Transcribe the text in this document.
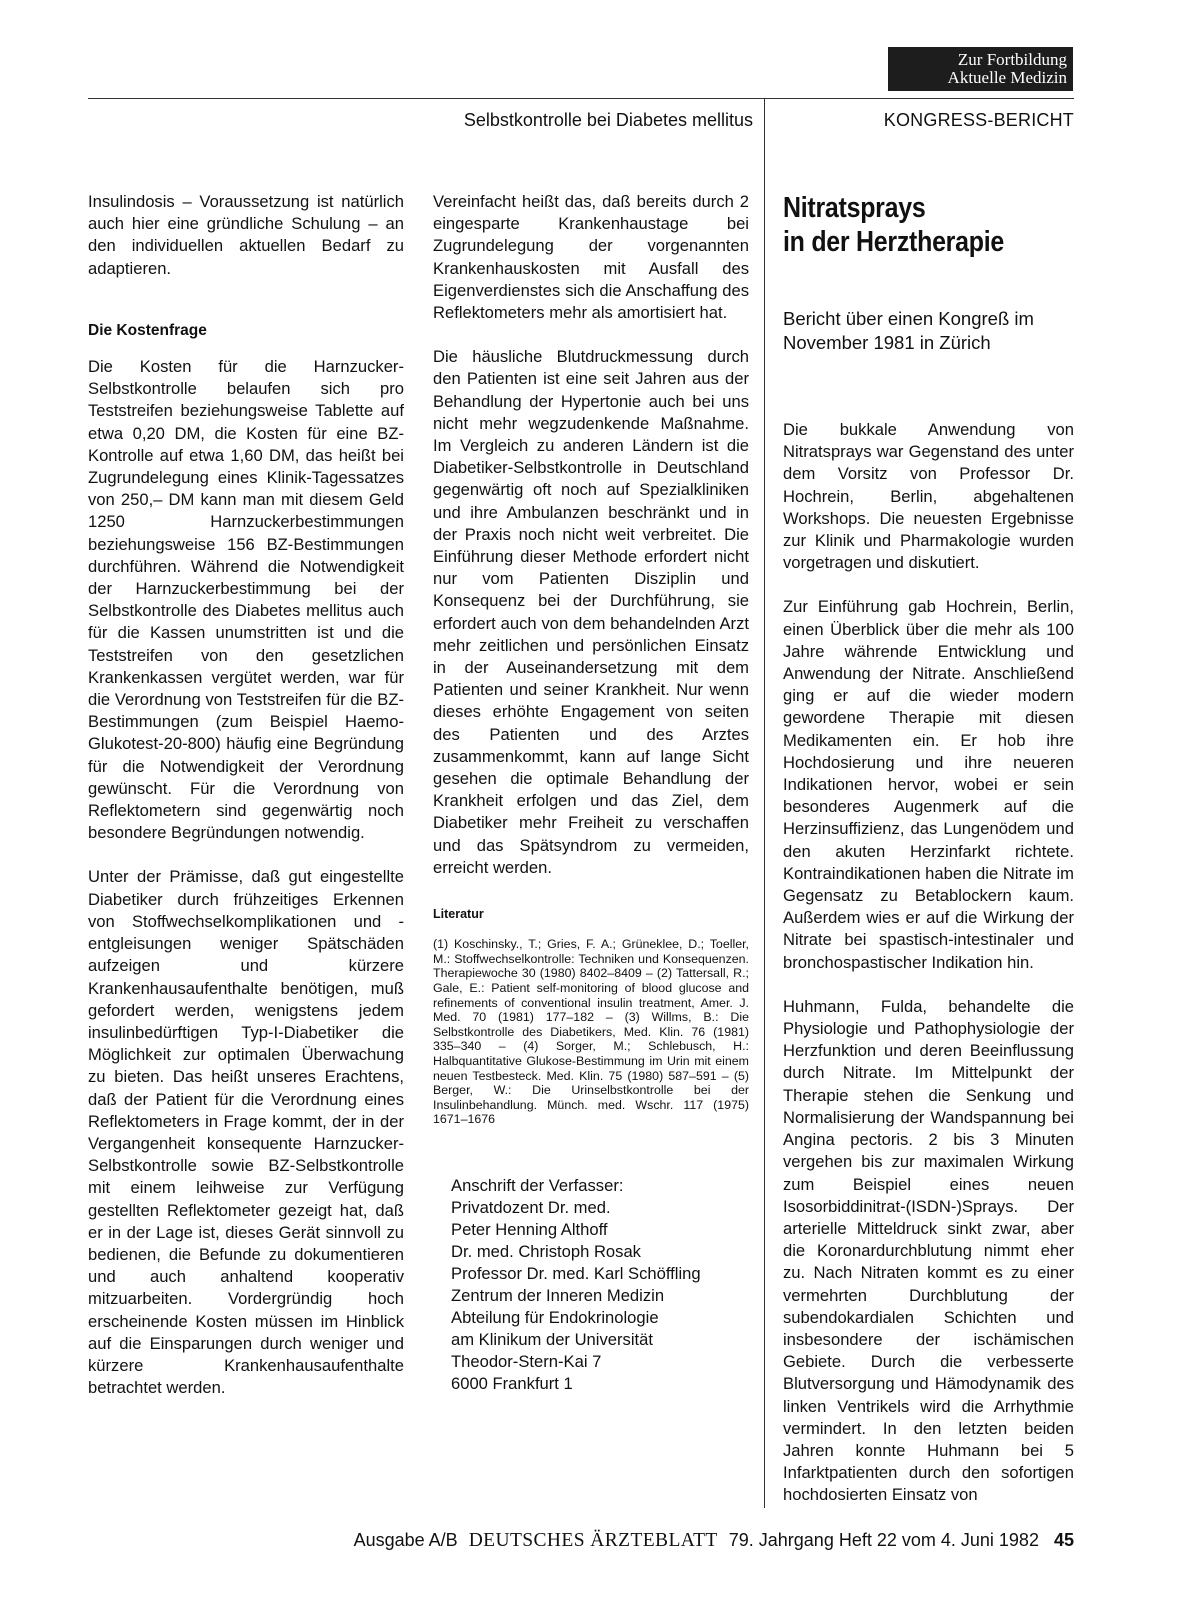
Zur Fortbildung
Aktuelle Medizin
Selbstkontrolle bei Diabetes mellitus	KONGRESS-BERICHT

Insulindosis – Voraussetzung ist natürlich auch hier eine gründliche Schulung – an den individuellen aktuellen Bedarf zu adaptieren.

Die Kostenfrage

Die Kosten für die Harnzucker-Selbstkontrolle belaufen sich pro Teststreifen beziehungsweise Tablette auf etwa 0,20 DM, die Kosten für eine BZ-Kontrolle auf etwa 1,60 DM, das heißt bei Zugrundelegung eines Klinik-Tagessatzes von 250,– DM kann man mit diesem Geld 1250 Harnzuckerbestimmungen beziehungsweise 156 BZ-Bestimmungen durchführen. Während die Notwendigkeit der Harnzuckerbestimmung bei der Selbstkontrolle des Diabetes mellitus auch für die Kassen unumstritten ist und die Teststreifen von den gesetzlichen Krankenkassen vergütet werden, war für die Verordnung von Teststreifen für die BZ-Bestimmungen (zum Beispiel Haemo-Glukotest-20-800) häufig eine Begründung für die Notwendigkeit der Verordnung gewünscht. Für die Verordnung von Reflektometern sind gegenwärtig noch besondere Begründungen notwendig.

Unter der Prämisse, daß gut eingestellte Diabetiker durch frühzeitiges Erkennen von Stoffwechselkomplikationen und -entgleisungen weniger Spätschäden aufzeigen und kürzere Krankenhausaufenthalte benötigen, muß gefordert werden, wenigstens jedem insulinbedürftigen Typ-I-Diabetiker die Möglichkeit zur optimalen Überwachung zu bieten. Das heißt unseres Erachtens, daß der Patient für die Verordnung eines Reflektometers in Frage kommt, der in der Vergangenheit konsequente Harnzucker-Selbstkontrolle sowie BZ-Selbstkontrolle mit einem leihweise zur Verfügung gestellten Reflektometer gezeigt hat, daß er in der Lage ist, dieses Gerät sinnvoll zu bedienen, die Befunde zu dokumentieren und auch anhaltend kooperativ mitzuarbeiten. Vordergründig hoch erscheinende Kosten müssen im Hinblick auf die Einsparungen durch weniger und kürzere Krankenhausaufenthalte betrachtet werden.

Vereinfacht heißt das, daß bereits durch 2 eingesparte Krankenhaustage bei Zugrundelegung der vorgenannten Krankenhauskosten mit Ausfall des Eigenverdienstes sich die Anschaffung des Reflektometers mehr als amortisiert hat.

Die häusliche Blutdruckmessung durch den Patienten ist eine seit Jahren aus der Behandlung der Hypertonie auch bei uns nicht mehr wegzudenkende Maßnahme. Im Vergleich zu anderen Ländern ist die Diabetiker-Selbstkontrolle in Deutschland gegenwärtig oft noch auf Spezialkliniken und ihre Ambulanzen beschränkt und in der Praxis noch nicht weit verbreitet. Die Einführung dieser Methode erfordert nicht nur vom Patienten Disziplin und Konsequenz bei der Durchführung, sie erfordert auch von dem behandelnden Arzt mehr zeitlichen und persönlichen Einsatz in der Auseinandersetzung mit dem Patienten und seiner Krankheit. Nur wenn dieses erhöhte Engagement von seiten des Patienten und des Arztes zusammenkommt, kann auf lange Sicht gesehen die optimale Behandlung der Krankheit erfolgen und das Ziel, dem Diabetiker mehr Freiheit zu verschaffen und das Spätsyndrom zu vermeiden, erreicht werden.

Literatur

(1) Koschinsky., T.; Gries, F. A.; Grüneklee, D.; Toeller, M.: Stoffwechselkontrolle: Techniken und Konsequenzen. Therapiewoche 30 (1980) 8402–8409 – (2) Tattersall, R.; Gale, E.: Patient self-monitoring of blood glucose and refinements of conventional insulin treatment, Amer. J. Med. 70 (1981) 177–182 – (3) Willms, B.: Die Selbstkontrolle des Diabetikers, Med. Klin. 76 (1981) 335–340 – (4) Sorger, M.; Schlebusch, H.: Halbquantitative Glukose-Bestimmung im Urin mit einem neuen Testbesteck. Med. Klin. 75 (1980) 587–591 – (5) Berger, W.: Die Urinselbstkontrolle bei der Insulinbehandlung. Münch. med. Wschr. 117 (1975) 1671–1676

Anschrift der Verfasser:
Privatdozent Dr. med.
Peter Henning Althoff
Dr. med. Christoph Rosak
Professor Dr. med. Karl Schöffling
Zentrum der Inneren Medizin
Abteilung für Endokrinologie
am Klinikum der Universität
Theodor-Stern-Kai 7
6000 Frankfurt 1

Nitratsprays
in der Herztherapie

Bericht über einen Kongreß im November 1981 in Zürich

Die bukkale Anwendung von Nitratsprays war Gegenstand des unter dem Vorsitz von Professor Dr. Hochrein, Berlin, abgehaltenen Workshops. Die neuesten Ergebnisse zur Klinik und Pharmakologie wurden vorgetragen und diskutiert.

Zur Einführung gab Hochrein, Berlin, einen Überblick über die mehr als 100 Jahre währende Entwicklung und Anwendung der Nitrate. Anschließend ging er auf die wieder modern gewordene Therapie mit diesen Medikamenten ein. Er hob ihre Hochdosierung und ihre neueren Indikationen hervor, wobei er sein besonderes Augenmerk auf die Herzinsuffizienz, das Lungenödem und den akuten Herzinfarkt richtete. Kontraindikationen haben die Nitrate im Gegensatz zu Betablockern kaum. Außerdem wies er auf die Wirkung der Nitrate bei spastisch-intestinaler und bronchospastischer Indikation hin.

Huhmann, Fulda, behandelte die Physiologie und Pathophysiologie der Herzfunktion und deren Beeinflussung durch Nitrate. Im Mittelpunkt der Therapie stehen die Senkung und Normalisierung der Wandspannung bei Angina pectoris. 2 bis 3 Minuten vergehen bis zur maximalen Wirkung zum Beispiel eines neuen Isosorbiddinitrat-(ISDN-)Sprays. Der arterielle Mitteldruck sinkt zwar, aber die Koronardurchblutung nimmt eher zu. Nach Nitraten kommt es zu einer vermehrten Durchblutung der subendokardialen Schichten und insbesondere der ischämischen Gebiete. Durch die verbesserte Blutversorgung und Hämodynamik des linken Ventrikels wird die Arrhythmie vermindert. In den letzten beiden Jahren konnte Huhmann bei 5 Infarktpatienten durch den sofortigen hochdosierten Einsatz von

Ausgabe A/B DEUTSCHES ÄRZTEBLATT 79. Jahrgang Heft 22 vom 4. Juni 1982 45
